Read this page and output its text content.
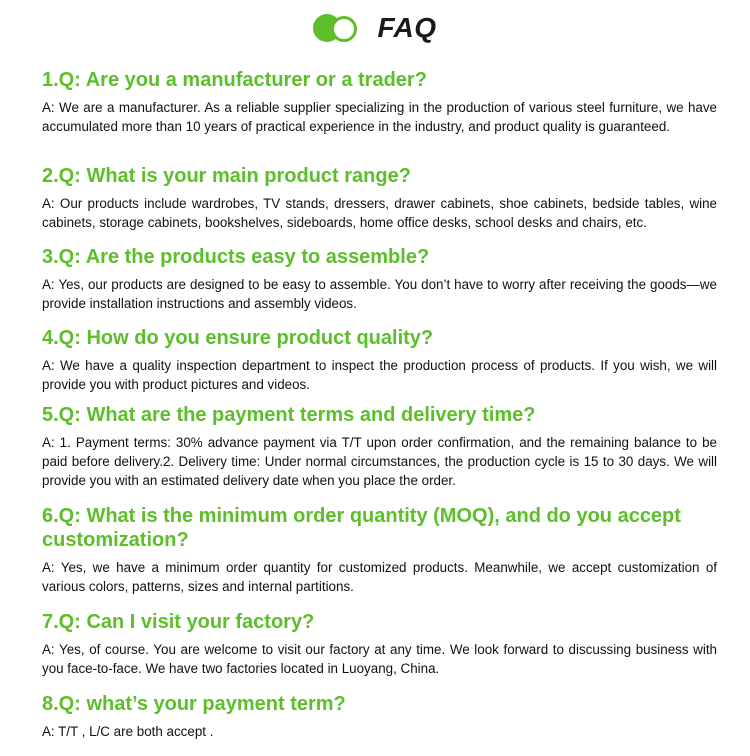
FAQ

1.Q: Are you a manufacturer or a trader?

A: We are a manufacturer. As a reliable supplier specializing in the production of various steel furniture, we have accumulated more than 10 years of practical experience in the industry, and product quality is guaranteed.

2.Q: What is your main product range?

A: Our products include wardrobes, TV stands, dressers, drawer cabinets, shoe cabinets, bedside tables, wine cabinets, storage cabinets, bookshelves, sideboards, home office desks, school desks and chairs, etc.

3.Q: Are the products easy to assemble?

A: Yes, our products are designed to be easy to assemble. You don’t have to worry after receiving the goods—we provide installation instructions and assembly videos.

4.Q: How do you ensure product quality?

A: We have a quality inspection department to inspect the production process of products. If you wish, we will provide you with product pictures and videos.

5.Q: What are the payment terms and delivery time?

A: 1. Payment terms: 30% advance payment via T/T upon order confirmation, and the remaining balance to be paid before delivery.2. Delivery time: Under normal circumstances, the production cycle is 15 to 30 days. We will provide you with an estimated delivery date when you place the order.

6.Q: What is the minimum order quantity (MOQ), and do you accept customization?

A: Yes, we have a minimum order quantity for customized products. Meanwhile, we accept customization of various colors, patterns, sizes and internal partitions.

7.Q: Can I visit your factory?

A: Yes, of course. You are welcome to visit our factory at any time. We look forward to discussing business with you face-to-face. We have two factories located in Luoyang, China.

8.Q: what’s your payment term?

A: T/T , L/C are both accept .
